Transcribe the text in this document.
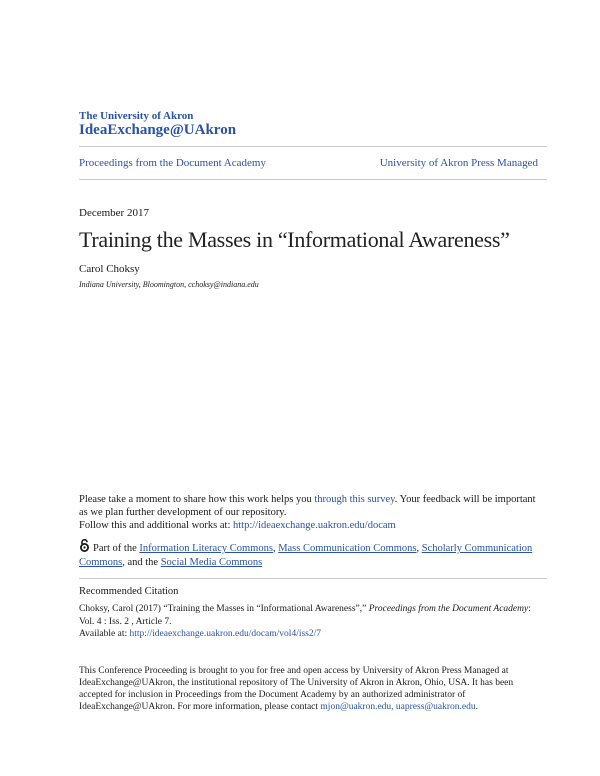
The University of Akron
IdeaExchange@UAkron
Proceedings from the Document Academy	University of Akron Press Managed
December 2017
Training the Masses in “Informational Awareness”
Carol Choksy
Indiana University, Bloomington, cchoksy@indiana.edu

Please take a moment to share how this work helps you through this survey. Your feedback will be important as we plan further development of our repository.

Follow this and additional works at: http://ideaexchange.uakron.edu/docam

Part of the Information Literacy Commons, Mass Communication Commons, Scholarly Communication Commons, and the Social Media Commons
Recommended Citation
Choksy, Carol (2017) “Training the Masses in “Informational Awareness”,” Proceedings from the Document Academy: Vol. 4 : Iss. 2 , Article 7.
Available at: http://ideaexchange.uakron.edu/docam/vol4/iss2/7
This Conference Proceeding is brought to you for free and open access by University of Akron Press Managed at IdeaExchange@UAkron, the institutional repository of The University of Akron in Akron, Ohio, USA. It has been accepted for inclusion in Proceedings from the Document Academy by an authorized administrator of IdeaExchange@UAkron. For more information, please contact mjon@uakron.edu, uapress@uakron.edu.
